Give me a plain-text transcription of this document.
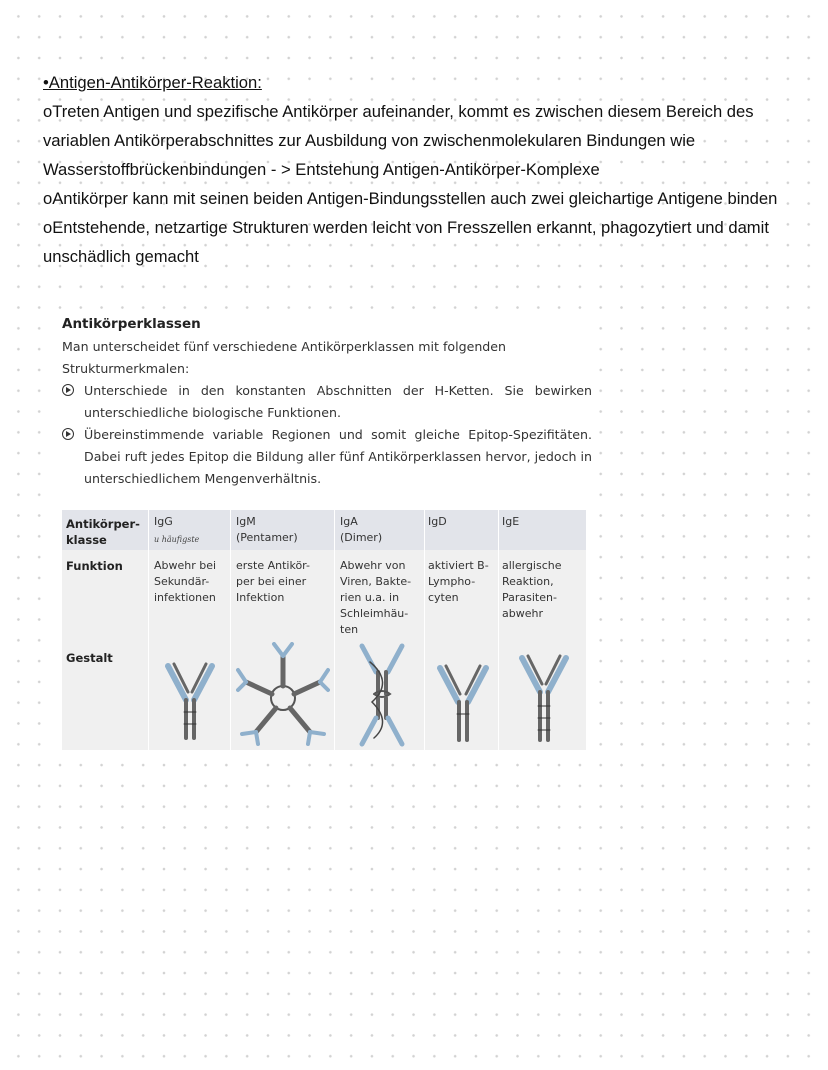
•Antigen-Antikörper-Reaktion:

oTreten Antigen und spezifische Antikörper aufeinander, kommt es zwischen diesem Bereich des variablen Antikörperabschnittes zur Ausbildung von zwischenmolekularen Bindungen wie Wasserstoffbrückenbindungen - > Entstehung Antigen-Antikörper-Komplexe

oAntikörper kann mit seinen beiden Antigen-Bindungsstellen auch zwei gleichartige Antigene binden

oEntstehende, netzartige Strukturen werden leicht von Fresszellen erkannt, phagozytiert und damit unschädlich gemacht

Antikörperklassen
Man unterscheidet fünf verschiedene Antikörperklassen mit folgenden Strukturmerkmalen:
Unterschiede in den konstanten Abschnitten der H-Ketten. Sie bewirken unterschiedliche biologische Funktionen.
Übereinstimmende variable Regionen und somit gleiche Epitop-Spezifitäten. Dabei ruft jedes Epitop die Bildung aller fünf Antikörperklassen hervor, jedoch in unterschiedlichem Mengenverhältnis.
Antikörper-klasse
Funktion
Gestalt
IgG
u häufigste
Abwehr bei Sekundär-infektionen
IgM
(Pentamer)
erste Antikör-per bei einer Infektion
IgA
(Dimer)
Abwehr von Viren, Bakte-rien u.a. in Schleimhäu-ten
IgD
aktiviert B-Lympho-cyten
IgE
allergische Reaktion, Parasiten-abwehr
